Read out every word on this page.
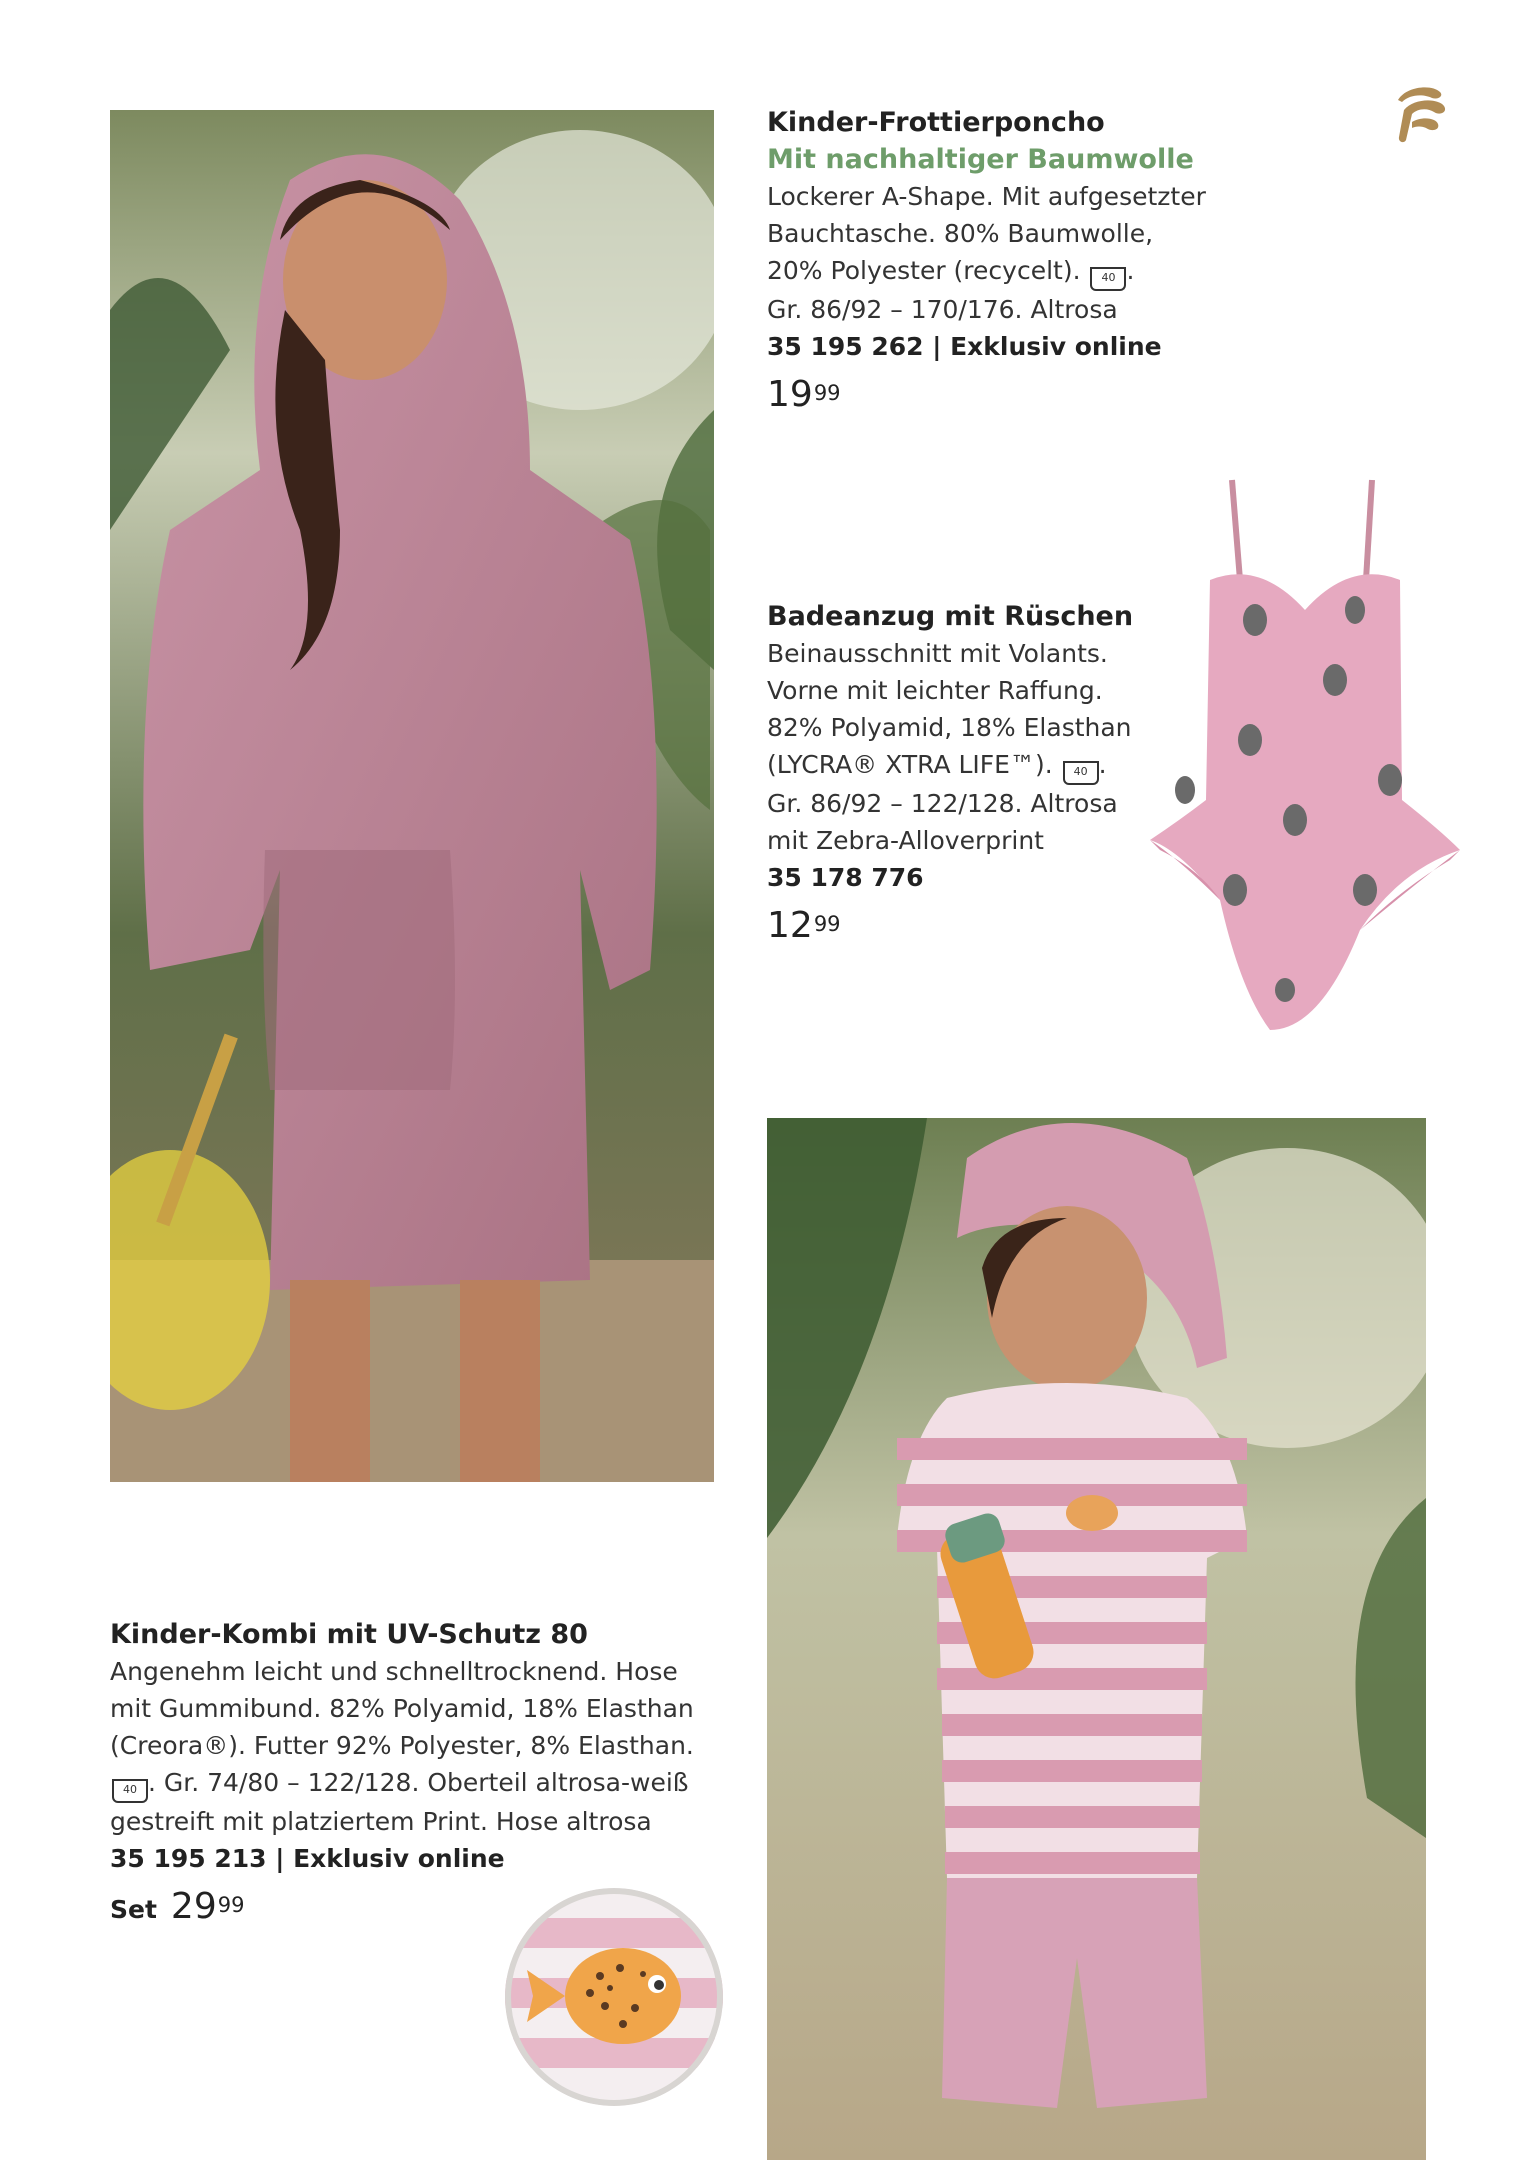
Kinder-Frottierponcho
Mit nachhaltiger Baumwolle
Lockerer A-Shape. Mit aufgesetzter
Bauchtasche. 80% Baumwolle,
20% Polyester (recycelt). 40 .
Gr. 86/92 – 170/176. Altrosa
35 195 262 | Exklusiv online
$19^{99}$
Badeanzug mit Rüschen
Beinausschnitt mit Volants.
Vorne mit leichter Raffung.
82% Polyamid, 18% Elasthan
(LYCRA® XTRA LIFE™). 40 .
Gr. 86/92 – 122/128. Altrosa
mit Zebra-Alloverprint
35 178 776
$12^{99}$
Kinder-Kombi mit UV-Schutz 80
Angenehm leicht und schnelltrocknend. Hose
mit Gummibund. 82% Polyamid, 18% Elasthan
(Creora®). Futter 92% Polyester, 8% Elasthan.
40 . Gr. 74/80 – 122/128. Oberteil altrosa-weiß
gestreift mit platziertem Print. Hose altrosa
35 195 213 | Exklusiv online
Set $29^{99}$
